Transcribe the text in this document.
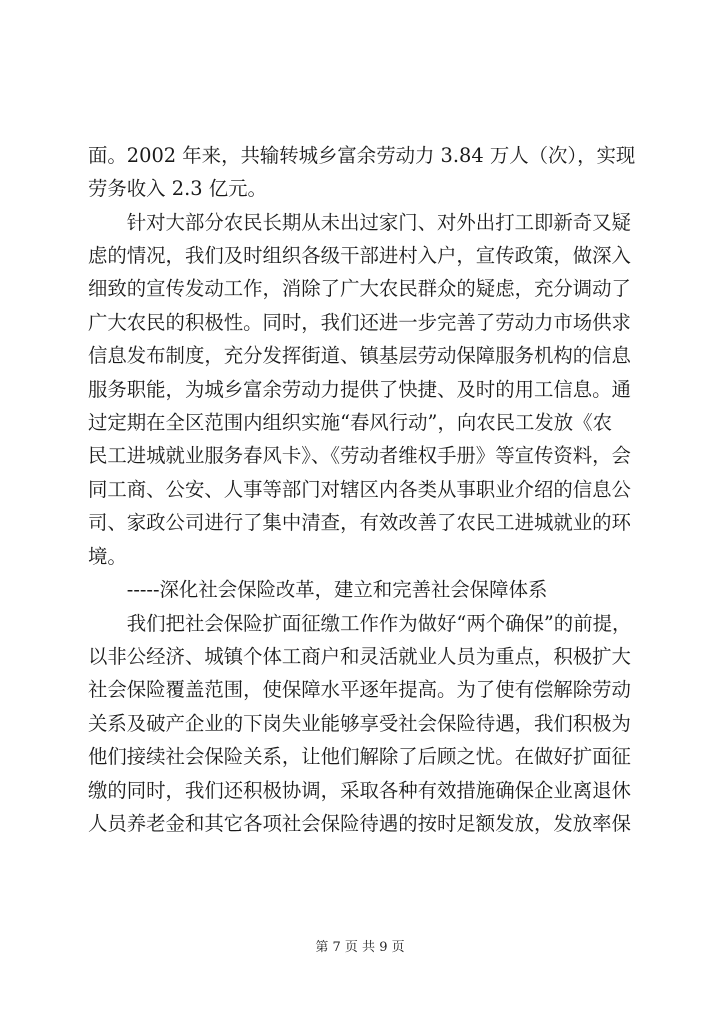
面。2002 年来，共输转城乡富余劳动力 3.84 万人（次），实现
劳务收入 2.3 亿元。
　　针对大部分农民长期从未出过家门、对外出打工即新奇又疑
虑的情况，我们及时组织各级干部进村入户，宣传政策，做深入
细致的宣传发动工作，消除了广大农民群众的疑虑，充分调动了
广大农民的积极性。同时，我们还进一步完善了劳动力市场供求
信息发布制度，充分发挥街道、镇基层劳动保障服务机构的信息
服务职能，为城乡富余劳动力提供了快捷、及时的用工信息。通
过定期在全区范围内组织实施“春风行动”，向农民工发放《农
民工进城就业服务春风卡》、《劳动者维权手册》等宣传资料，会
同工商、公安、人事等部门对辖区内各类从事职业介绍的信息公
司、家政公司进行了集中清查，有效改善了农民工进城就业的环
境。
　　-----深化社会保险改革，建立和完善社会保障体系
　　我们把社会保险扩面征缴工作作为做好“两个确保”的前提，
以非公经济、城镇个体工商户和灵活就业人员为重点，积极扩大
社会保险覆盖范围，使保障水平逐年提高。为了使有偿解除劳动
关系及破产企业的下岗失业能够享受社会保险待遇，我们积极为
他们接续社会保险关系，让他们解除了后顾之忧。在做好扩面征
缴的同时，我们还积极协调，采取各种有效措施确保企业离退休
人员养老金和其它各项社会保险待遇的按时足额发放，发放率保
第 7 页 共 9 页
